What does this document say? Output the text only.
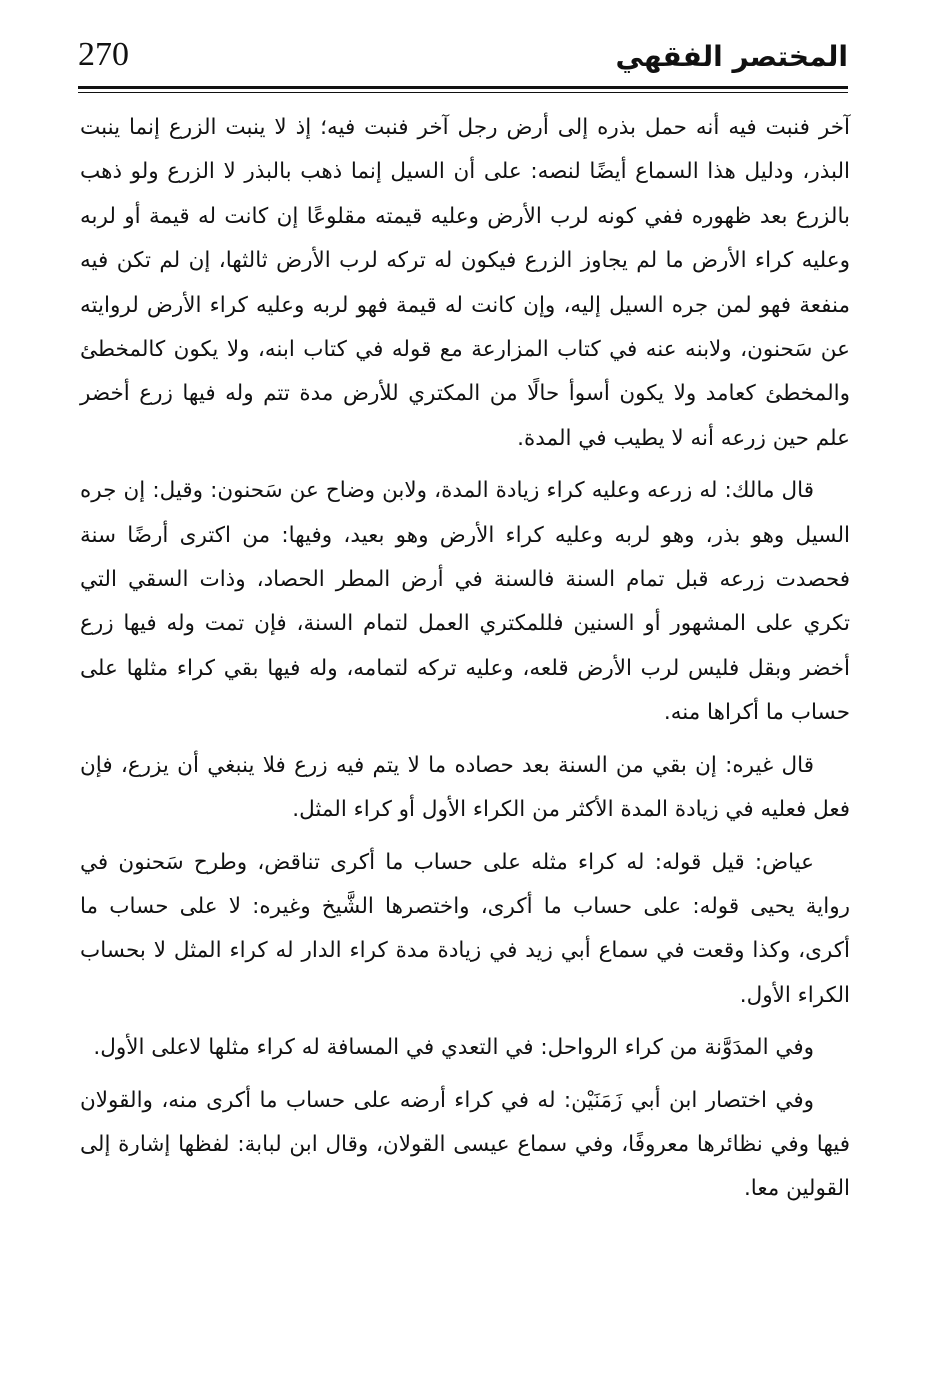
270	المختصر الفقهي

آخر فنبت فيه أنه حمل بذره إلى أرض رجل آخر فنبت فيه؛ إذ لا ينبت الزرع إنما ينبت البذر، ودليل هذا السماع أيضًا لنصه: على أن السيل إنما ذهب بالبذر لا الزرع ولو ذهب بالزرع بعد ظهوره ففي كونه لرب الأرض وعليه قيمته مقلوعًا إن كانت له قيمة أو لربه وعليه كراء الأرض ما لم يجاوز الزرع فيكون له تركه لرب الأرض ثالثها، إن لم تكن فيه منفعة فهو لمن جره السيل إليه، وإن كانت له قيمة فهو لربه وعليه كراء الأرض لروايته عن سَحنون، ولابنه عنه في كتاب المزارعة مع قوله في كتاب ابنه، ولا يكون كالمخطئ والمخطئ كعامد ولا يكون أسوأ حالًا من المكتري للأرض مدة تتم وله فيها زرع أخضر علم حين زرعه أنه لا يطيب في المدة.

قال مالك: له زرعه وعليه كراء زيادة المدة، ولابن وضاح عن سَحنون: وقيل: إن جره السيل وهو بذر، وهو لربه وعليه كراء الأرض وهو بعيد، وفيها: من اكترى أرضًا سنة فحصدت زرعه قبل تمام السنة فالسنة في أرض المطر الحصاد، وذات السقي التي تكري على المشهور أو السنين فللمكتري العمل لتمام السنة، فإن تمت وله فيها زرع أخضر وبقل فليس لرب الأرض قلعه، وعليه تركه لتمامه، وله فيها بقي كراء مثلها على حساب ما أكراها منه.

قال غيره: إن بقي من السنة بعد حصاده ما لا يتم فيه زرع فلا ينبغي أن يزرع، فإن فعل فعليه في زيادة المدة الأكثر من الكراء الأول أو كراء المثل.

عياض: قيل قوله: له كراء مثله على حساب ما أكرى تناقض، وطرح سَحنون في رواية يحيى قوله: على حساب ما أكرى، واختصرها الشَّيخ وغيره: لا على حساب ما أكرى، وكذا وقعت في سماع أبي زيد في زيادة مدة كراء الدار له كراء المثل لا بحساب الكراء الأول.

وفي المدَوَّنة من كراء الرواحل: في التعدي في المسافة له كراء مثلها لاعلى الأول.

وفي اختصار ابن أبي زَمَنَيْن: له في كراء أرضه على حساب ما أكرى منه، والقولان فيها وفي نظائرها معروفًا، وفي سماع عيسى القولان، وقال ابن لبابة: لفظها إشارة إلى القولين معا.
